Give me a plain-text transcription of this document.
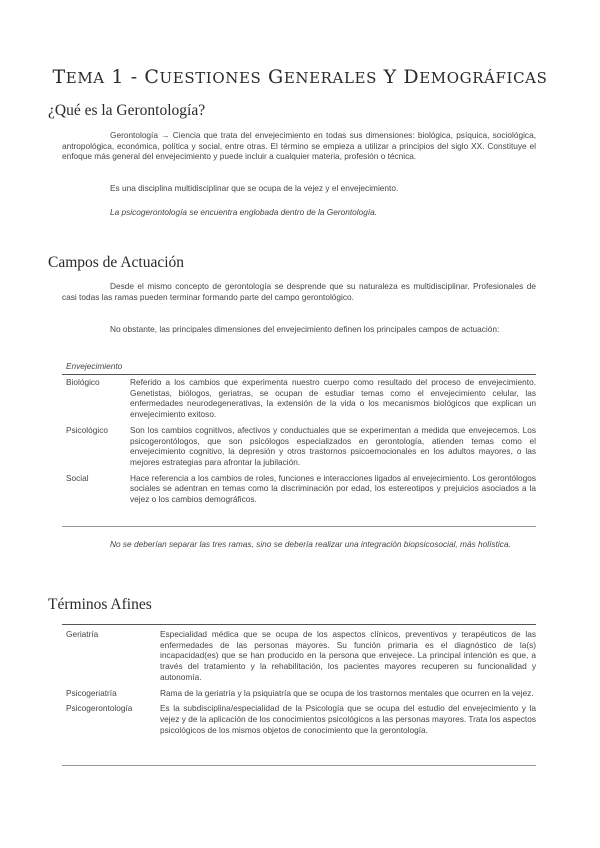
TEMA 1 - CUESTIONES GENERALES Y DEMOGRÁFICAS
¿Qué es la Gerontología?

Gerontología → Ciencia que trata del envejecimiento en todas sus dimensiones: biológica, psíquica, sociológica, antropológica, económica, política y social, entre otras. El término se empieza a utilizar a principios del siglo XX. Constituye el enfoque más general del envejecimiento y puede incluir a cualquier materia, profesión o técnica.

Es una disciplina multidisciplinar que se ocupa de la vejez y el envejecimiento.

La psicogerontología se encuentra englobada dentro de la Gerontología.

Campos de Actuación

Desde el mismo concepto de gerontología se desprende que su naturaleza es multidisciplinar. Profesionales de casi todas las ramas pueden terminar formando parte del campo gerontológico.

No obstante, las principales dimensiones del envejecimiento definen los principales campos de actuación:

Envejecimiento
Biológico	Referido a los cambios que experimenta nuestro cuerpo como resultado del proceso de envejecimiento. Genetistas, biólogos, geriatras, se ocupan de estudiar temas como el envejecimiento celular, las enfermedades neurodegenerativas, la extensión de la vida o los mecanismos biológicos que explican un envejecimiento exitoso.
Psicológico	Son los cambios cognitivos, afectivos y conductuales que se experimentan a medida que envejecemos. Los psicogerontólogos, que son psicólogos especializados en gerontología, atienden temas como el envejecimiento cognitivo, la depresión y otros trastornos psicoemocionales en los adultos mayores, o las mejores estrategias para afrontar la jubilación.
Social	Hace referencia a los cambios de roles, funciones e interacciones ligados al envejecimiento. Los gerontólogos sociales se adentran en temas como la discriminación por edad, los estereotipos y prejuicios asociados a la vejez o los cambios demográficos.

No se deberían separar las tres ramas, sino se debería realizar una integración biopsicosocial, más holística.

Términos Afines
Geriatría	Especialidad médica que se ocupa de los aspectos clínicos, preventivos y terapéuticos de las enfermedades de las personas mayores. Su función primaria es el diagnóstico de la(s) incapacidad(es) que se han producido en la persona que envejece. La principal intención es que, a través del tratamiento y la rehabilitación, los pacientes mayores recuperen su funcionalidad y autonomía.
Psicogeriatría	Rama de la geriatría y la psiquiatría que se ocupa de los trastornos mentales que ocurren en la vejez.
Psicogerontología	Es la subdisciplina/especialidad de la Psicología que se ocupa del estudio del envejecimiento y la vejez y de la aplicación de los conocimientos psicológicos a las personas mayores. Trata los aspectos psicológicos de los mismos objetos de conocimiento que la gerontología.
